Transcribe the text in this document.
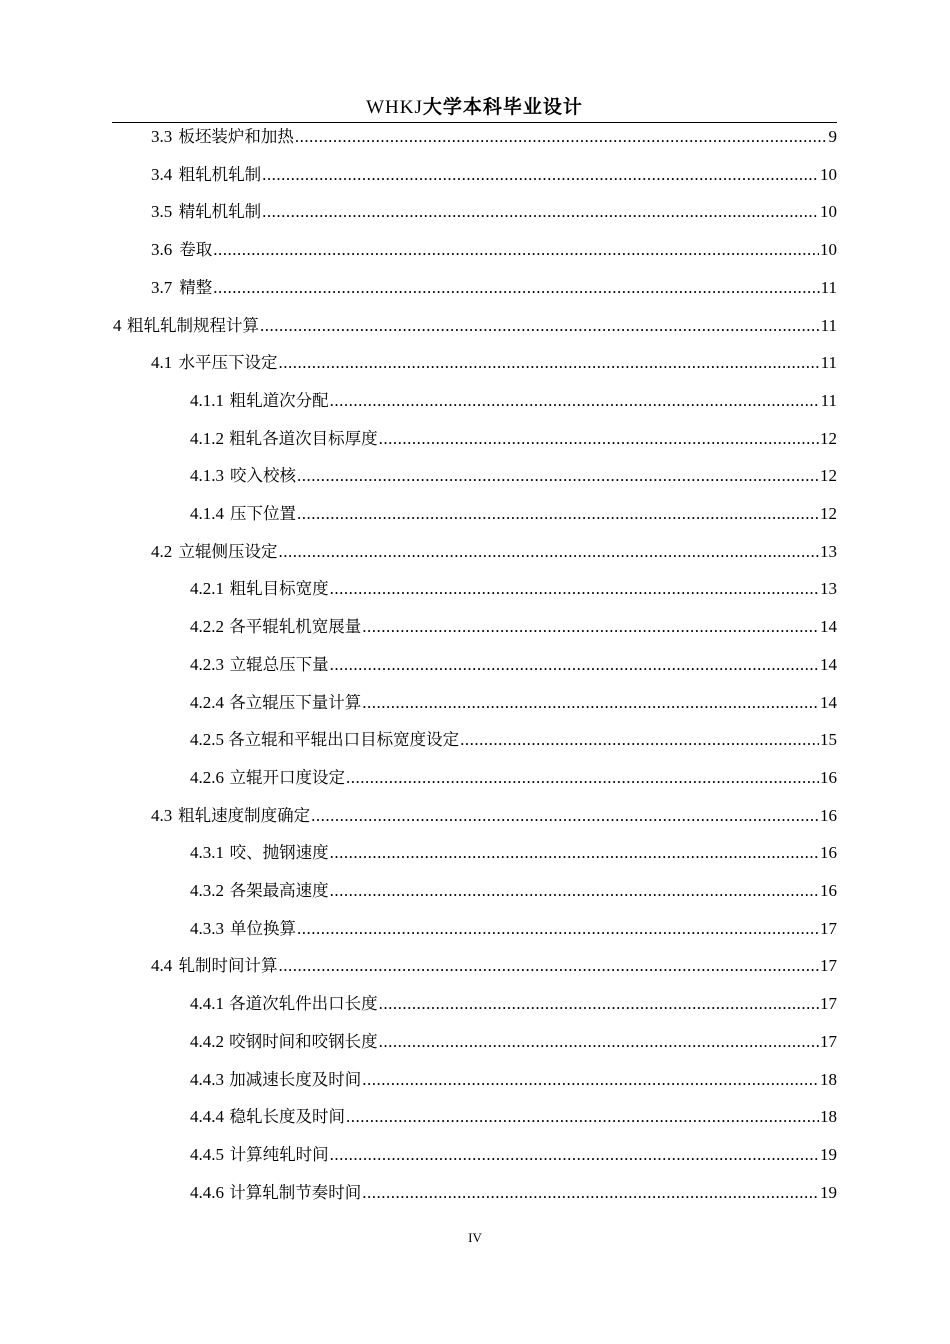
WHKJ大学本科毕业设计
3.3 板坯装炉和加热 .....	9
3.4 粗轧机轧制 .....	10
3.5 精轧机轧制 .....	10
3.6 卷取 .....	10
3.7 精整 .....	11
4 粗轧轧制规程计算 .....	11
4.1 水平压下设定 .....	11
4.1.1 粗轧道次分配 .....	11
4.1.2 粗轧各道次目标厚度 .....	12
4.1.3 咬入校核 .....	12
4.1.4 压下位置 .....	12
4.2 立辊侧压设定 .....	13
4.2.1 粗轧目标宽度 .....	13
4.2.2 各平辊轧机宽展量 .....	14
4.2.3 立辊总压下量 .....	14
4.2.4 各立辊压下量计算 .....	14
4.2.5 各立辊和平辊出口目标宽度设定 .....	15
4.2.6 立辊开口度设定 .....	16
4.3 粗轧速度制度确定 .....	16
4.3.1 咬、抛钢速度 .....	16
4.3.2 各架最高速度 .....	16
4.3.3 单位换算 .....	17
4.4 轧制时间计算 .....	17
4.4.1 各道次轧件出口长度 .....	17
4.4.2 咬钢时间和咬钢长度 .....	17
4.4.3 加减速长度及时间 .....	18
4.4.4 稳轧长度及时间 .....	18
4.4.5 计算纯轧时间 .....	19
4.4.6 计算轧制节奏时间 .....	19
IV
